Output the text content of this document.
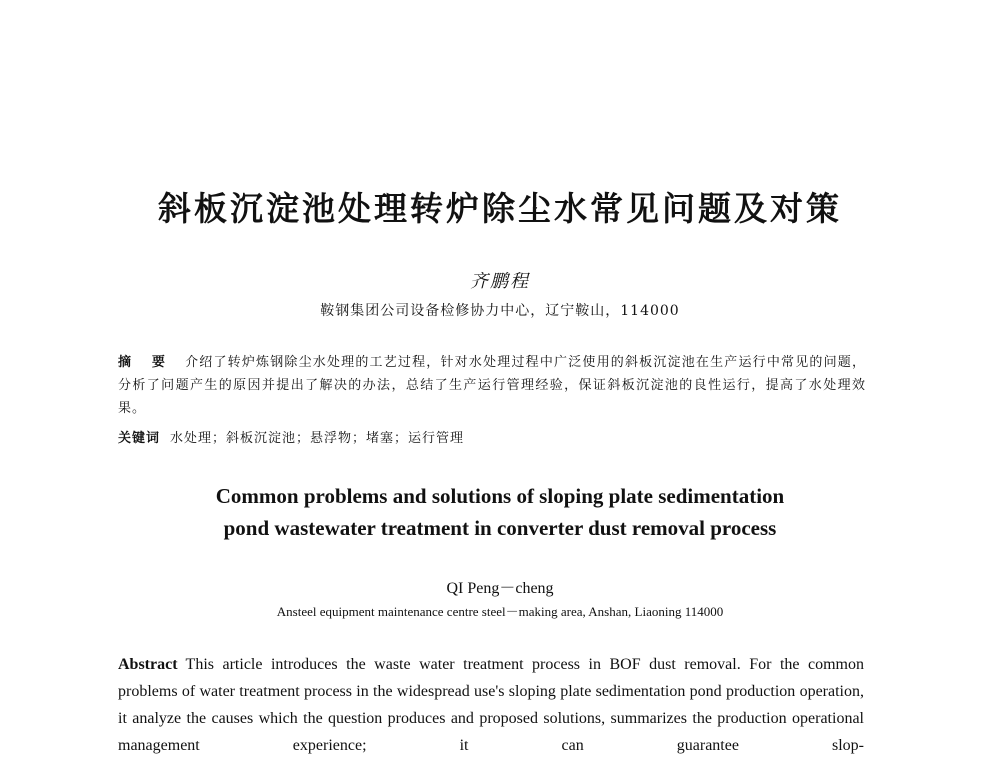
斜板沉淀池处理转炉除尘水常见问题及对策
齐鹏程
鞍钢集团公司设备检修协力中心，辽宁鞍山，114000
摘 要 介绍了转炉炼钢除尘水处理的工艺过程，针对水处理过程中广泛使用的斜板沉淀池在生产运行中常见的问题，分析了问题产生的原因并提出了解决的办法，总结了生产运行管理经验，保证斜板沉淀池的良性运行，提高了水处理效果。
关键词 水处理；斜板沉淀池；悬浮物；堵塞；运行管理
Common problems and solutions of sloping plate sedimentation
pond wastewater treatment in converter dust removal process
QI Peng－cheng
Ansteel equipment maintenance centre steel－making area, Anshan, Liaoning 114000
Abstract This article introduces the waste water treatment process in BOF dust removal. For the common problems of water treatment process in the widespread use's sloping plate sedimentation pond production operation, it analyze the causes which the question produces and proposed solutions, summarizes the production operational management experience; it can guarantee slop-
